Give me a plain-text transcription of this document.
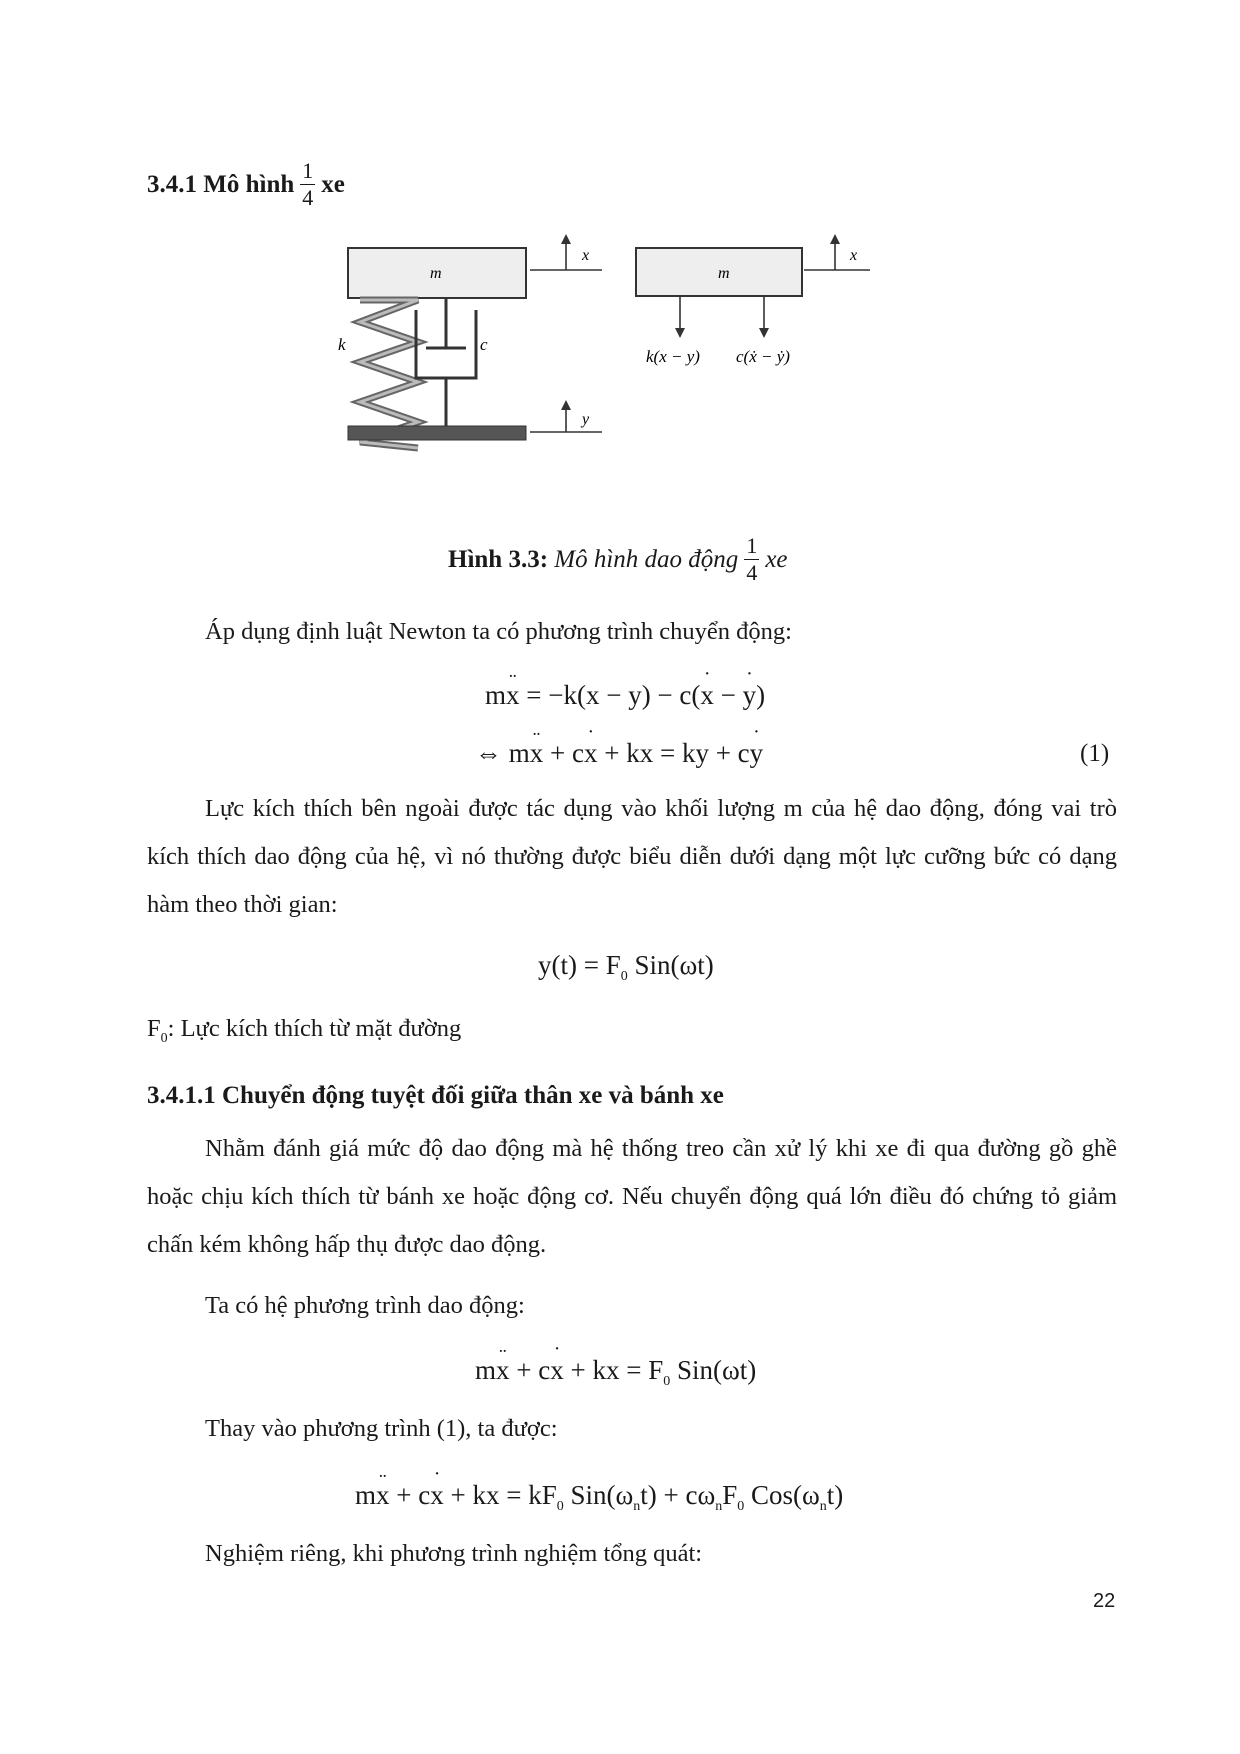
3.4.1
Mô hình $\frac{1}{4}$ xe
m
x
k	c
y
m
x
k(x − y) c(ẋ − ẏ)
Hình 3.3:
Mô hình dao động $\frac{1}{4}$ xe
Áp dụng định luật Newton ta có phương trình chuyển động:
mx ¨ = −k(x − y) − c(x ˙ − y ˙)
⇔ mx ¨ + cx ˙ + kx = ky + cy ˙	(1)
Lực kích thích bên ngoài được tác dụng vào khối lượng m của hệ dao động, đóng vai trò kích thích dao động của hệ, vì nó thường được biểu diễn dưới dạng một lực cưỡng bức có dạng hàm theo thời gian:
$y(t) = F_0$ Sin(ωt)
$F_0$: Lực kích thích từ mặt đường
3.4.1.1 Chuyển động tuyệt đối giữa thân xe và bánh xe
Nhằm đánh giá mức độ dao động mà hệ thống treo cần xử lý khi xe đi qua đường gồ ghề hoặc chịu kích thích từ bánh xe hoặc động cơ. Nếu chuyển động quá lớn điều đó chứng tỏ giảm chấn kém không hấp thụ được dao động.
Ta có hệ phương trình dao động:
mx ¨ + cx ˙ + kx = $F_0$ Sin(ωt)
Thay vào phương trình (1), ta được:
mx ¨ + cx ˙ + kx = $kF_0$ $Sin(\omega_nt) + c\omega_nF_0$ $Cos(\omega_nt)$
Nghiệm riêng, khi phương trình nghiệm tổng quát:
22
